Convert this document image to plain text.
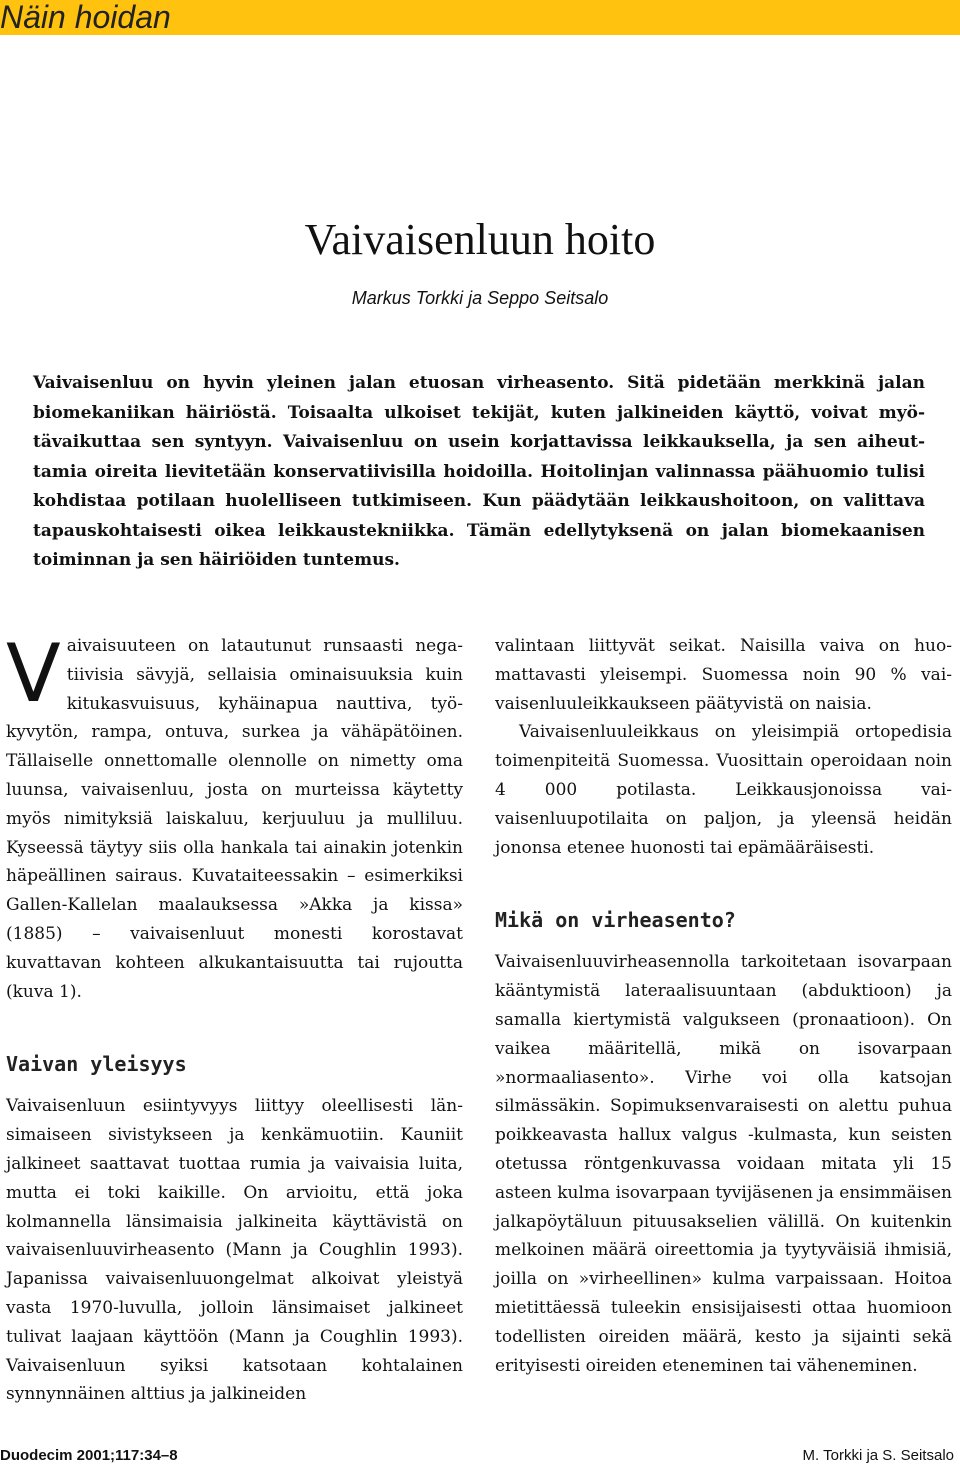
Näin hoidan
Vaivaisenluun hoito

Markus Torkki ja Seppo Seitsalo

Vaivaisenluu on hyvin yleinen jalan etuosan virheasento. Sitä pidetään merkkinä jalan biomekaniikan häiriöstä. Toisaalta ulkoiset tekijät, kuten jalkineiden käyttö, voivat myötävaikuttaa sen syntyyn. Vaivaisenluu on usein korjattavissa leikkauksella, ja sen aiheuttamia oireita lievitetään konservatiivisilla hoidoilla. Hoitolinjan valinnassa päähuomio tulisi kohdistaa potilaan huolelliseen tutkimiseen. Kun päädytään leikkaushoitoon, on valittava tapauskohtaisesti oikea leikkaustekniikka. Tämän edellytyksenä on jalan biomekaanisen toiminnan ja sen häiriöiden tuntemus.

Vaivaisuuteen on latautunut runsaasti negatiivisia sävyjä, sellaisia ominaisuuksia kuin kitukasvuisuus, kyhäinapua nauttiva, työkyvytön, rampa, ontuva, surkea ja vähäpätöinen. Tällaiselle onnettomalle olennolle on nimetty oma luunsa, vaivaisenluu, josta on murteissa käytetty myös nimityksiä laiskaluu, kerjuuluu ja mulliluu. Kyseessä täytyy siis olla hankala tai ainakin jotenkin häpeällinen sairaus. Kuvataiteessakin – esimerkiksi Gallen-Kallelan maalauksessa »Akka ja kissa» (1885) – vaivaisenluut monesti korostavat kuvattavan kohteen alkukantaisuutta tai rujoutta (kuva 1).

Vaivan yleisyys

Vaivaisenluun esiintyvyys liittyy oleellisesti länsimaiseen sivistykseen ja kenkämuotiin. Kauniit jalkineet saattavat tuottaa rumia ja vaivaisia luita, mutta ei toki kaikille. On arvioitu, että joka kolmannella länsimaisia jalkineita käyttävistä on vaivaisenluuvirheasento (Mann ja Coughlin 1993). Japanissa vaivaisenluuongelmat alkoivat yleistyä vasta 1970-luvulla, jolloin länsimaiset jalkineet tulivat laajaan käyttöön (Mann ja Coughlin 1993). Vaivaisenluun syiksi katsotaan kohtalainen synnynnäinen alttius ja jalkineiden

valintaan liittyvät seikat. Naisilla vaiva on huomattavasti yleisempi. Suomessa noin 90 % vaivaisenluuleikkaukseen päätyvistä on naisia.

Vaivaisenluuleikkaus on yleisimpiä ortopedisia toimenpiteitä Suomessa. Vuosittain operoidaan noin 4 000 potilasta. Leikkausjonoissa vaivaisenluupotilaita on paljon, ja yleensä heidän jononsa etenee huonosti tai epämääräisesti.

Mikä on virheasento?

Vaivaisenluuvirheasennolla tarkoitetaan isovarpaan kääntymistä lateraalisuuntaan (abduktioon) ja samalla kiertymistä valgukseen (pronaatioon). On vaikea määritellä, mikä on isovarpaan »normaaliasento». Virhe voi olla katsojan silmässäkin. Sopimuksenvaraisesti on alettu puhua poikkeavasta hallux valgus -kulmasta, kun seisten otetussa röntgenkuvassa voidaan mitata yli 15 asteen kulma isovarpaan tyvijäsenen ja ensimmäisen jalkapöytäluun pituusakselien välillä. On kuitenkin melkoinen määrä oireettomia ja tyytyväisiä ihmisiä, joilla on »virheellinen» kulma varpaissaan. Hoitoa mietittäessä tuleekin ensisijaisesti ottaa huomioon todellisten oireiden määrä, kesto ja sijainti sekä erityisesti oireiden eteneminen tai väheneminen.

Duodecim 2001;117:34–8	M. Torkki ja S. Seitsalo
